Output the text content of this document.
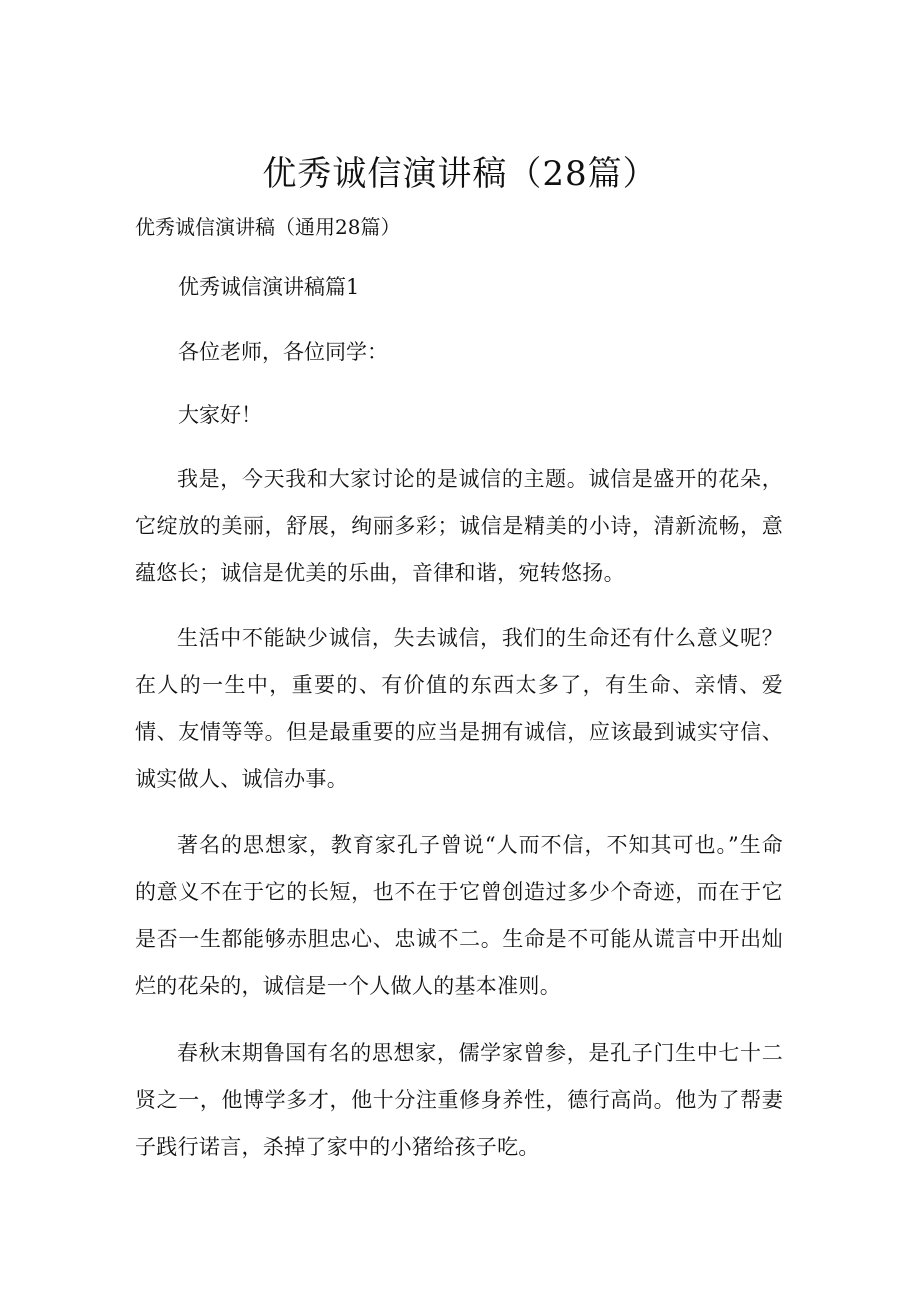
优秀诚信演讲稿（28篇）
优秀诚信演讲稿（通用28篇）
优秀诚信演讲稿篇1
各位老师，各位同学：
大家好！
我是，今天我和大家讨论的是诚信的主题。诚信是盛开的花朵，它绽放的美丽，舒展，绚丽多彩；诚信是精美的小诗，清新流畅，意蕴悠长；诚信是优美的乐曲，音律和谐，宛转悠扬。
生活中不能缺少诚信，失去诚信，我们的生命还有什么意义呢？在人的一生中，重要的、有价值的东西太多了，有生命、亲情、爱情、友情等等。但是最重要的应当是拥有诚信，应该最到诚实守信、诚实做人、诚信办事。
著名的思想家，教育家孔子曾说“人而不信，不知其可也。”生命的意义不在于它的长短，也不在于它曾创造过多少个奇迹，而在于它是否一生都能够赤胆忠心、忠诚不二。生命是不可能从谎言中开出灿烂的花朵的，诚信是一个人做人的基本准则。
春秋末期鲁国有名的思想家，儒学家曾参，是孔子门生中七十二贤之一，他博学多才，他十分注重修身养性，德行高尚。他为了帮妻子践行诺言，杀掉了家中的小猪给孩子吃。
